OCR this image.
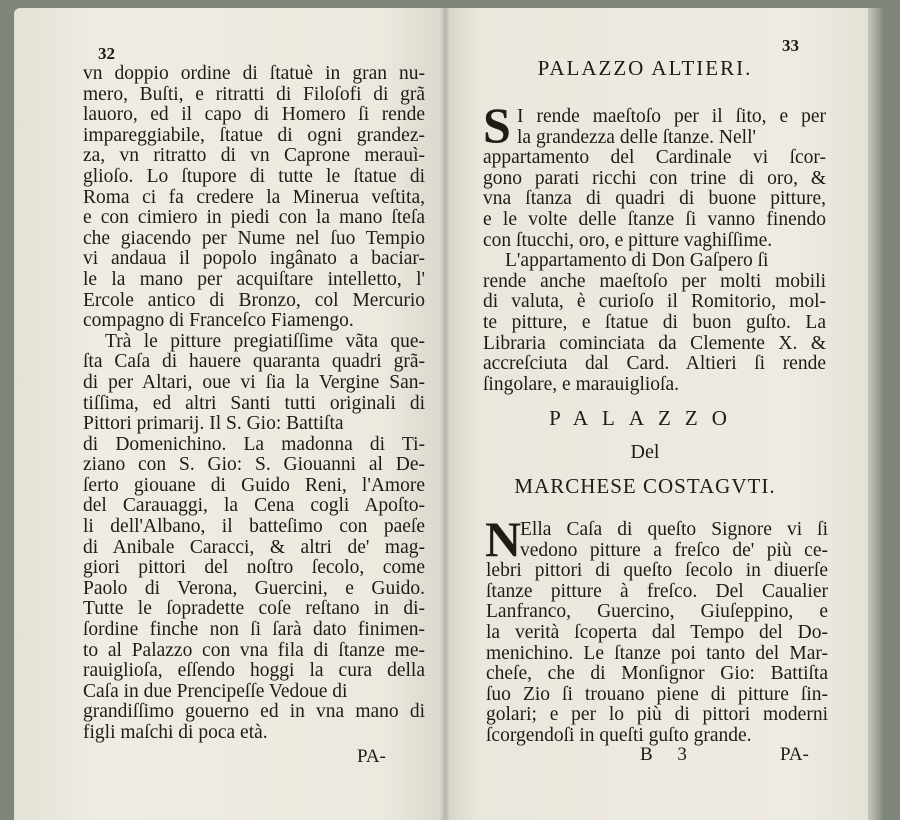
32
vn doppio ordine di ſtatuè in gran nu-
mero, Buſti, e ritratti di Filoſofi di grã
lauoro, ed il capo di Homero ſi rende
impareggiabile, ſtatue di ogni grandez-
za, vn ritratto di vn Caprone merauì-
glioſo. Lo ſtupore di tutte le ſtatue di
Roma ci fa credere la Minerua veſtita,
e con cimiero in piedi con la mano ſteſa
che giacendo per Nume nel ſuo Tempio
vi andaua il popolo ingânato a baciar-
le la mano per acquiſtare intelletto, l'
Ercole antico di Bronzo, col Mercurio
compagno di Franceſco Fiamengo.
Trà le pitture pregiatiſſime vãta que-
ſta Caſa di hauere quaranta quadri grã-
di per Altari, oue vi ſia la Vergine San-
tiſſima, ed altri Santi tutti originali di
Pittori primarij. Il S. Gio: Battiſta
di Domenichino. La madonna di Ti-
ziano con S. Gio: S. Giouanni al De-
ſerto giouane di Guido Reni, l'Amore
del Carauaggi, la Cena cogli Apoſto-
li dell'Albano, il batteſimo con paeſe
di Anibale Caracci, & altri de' mag-
giori pittori del noſtro ſecolo, come
Paolo di Verona, Guercini, e Guido.
Tutte le ſopradette coſe reſtano in di-
ſordine finche non ſi ſarà dato finimen-
to al Palazzo con vna fila di ſtanze me-
rauiglioſa, eſſendo hoggi la cura della
Caſa in due Prencipeſſe Vedoue di
grandiſſimo gouerno ed in vna mano di
figli maſchi di poca età.
PA-
33
PALAZZO ALTIERI.
S I rende maeſtoſo per il ſito, e per
la grandezza delle ſtanze. Nell'
appartamento del Cardinale vi ſcor-
gono parati ricchi con trine di oro, &
vna ſtanza di quadri di buone pitture,
e le volte delle ſtanze ſi vanno finendo
con ſtucchi, oro, e pitture vaghiſſime.
L'appartamento di Don Gaſpero ſi
rende anche maeſtoſo per molti mobili
di valuta, è curioſo il Romitorio, mol-
te pitture, e ſtatue di buon guſto. La
Libraria cominciata da Clemente X. &
accreſciuta dal Card. Altieri ſi rende
ſingolare, e marauiglioſa.
PALAZZO
Del
MARCHESE COSTAGVTI.
N
Ella Caſa di queſto Signore vi ſi
vedono pitture a freſco de' più ce-
lebri pittori di queſto ſecolo in diuerſe
ſtanze pitture à freſco. Del Caualier
Lanfranco, Guercino, Giuſeppino, e
la verità ſcoperta dal Tempo del Do-
menichino. Le ſtanze poi tanto del Mar-
cheſe, che di Monſignor Gio: Battiſta
ſuo Zio ſi trouano piene di pitture ſin-
golari; e per lo più di pittori moderni
ſcorgendoſi in queſti guſto grande.
B 3	PA-
